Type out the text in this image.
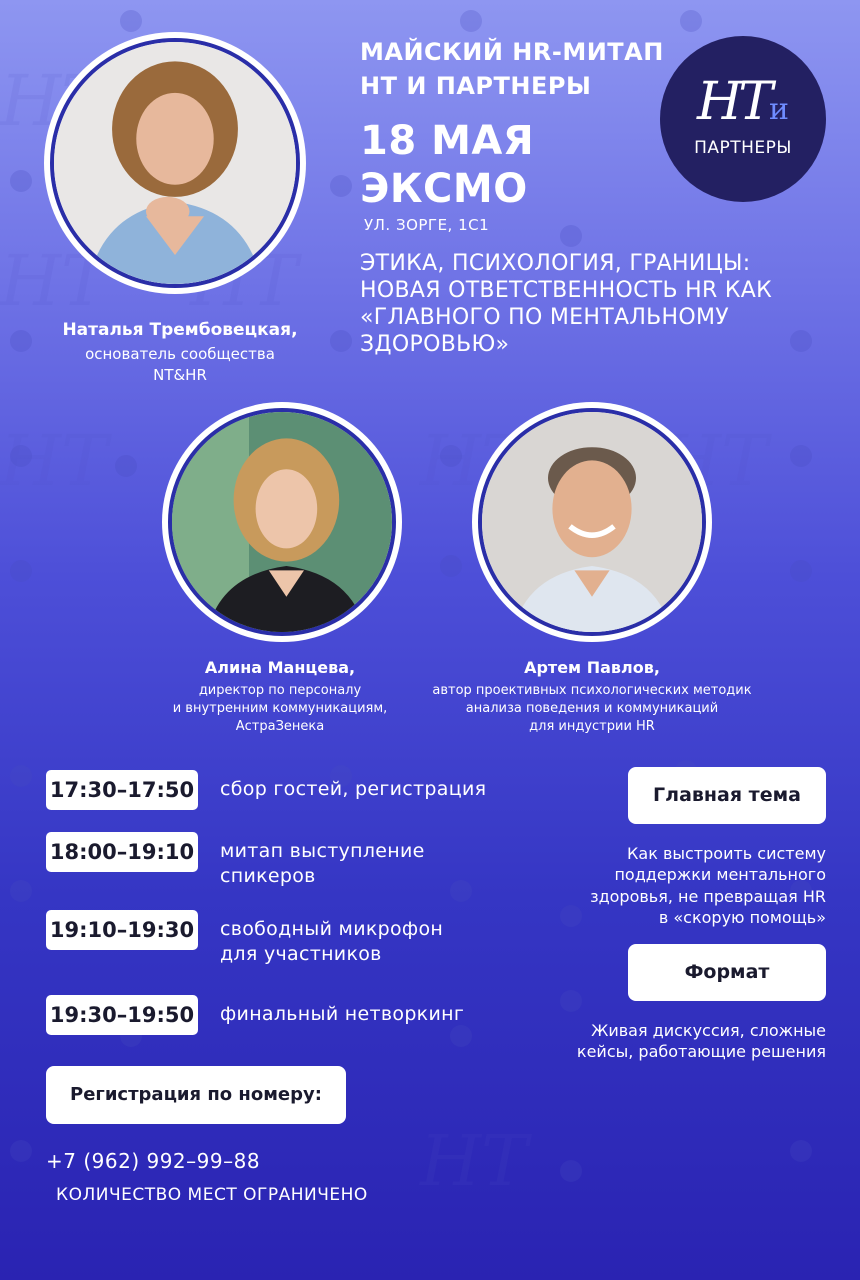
НТ
НТ
НТ
НТ НТ
НТ
НТ
Наталья Трембовецкая,
основатель сообщества
NT&HR
МАЙСКИЙ HR-МИТАП
НТ И ПАРТНЕРЫ
18 МАЯ
ЭКСМО
УЛ. ЗОРГЕ, 1С1
ЭТИКА, ПСИХОЛОГИЯ, ГРАНИЦЫ: НОВАЯ ОТВЕТСТВЕННОСТЬ HR КАК «ГЛАВНОГО ПО МЕНТАЛЬНОМУ ЗДОРОВЬЮ»
НТи
ПАРТНЕРЫ
Алина Манцева,
директор по персоналу
и внутренним коммуникациям,
АстраЗенека
Артем Павлов,
автор проективных психологических методик
анализа поведения и коммуникаций
для индустрии HR
17:30–17:50 сбор гостей, регистрация
18:00–19:10 митап выступление
спикеров
19:10–19:30 свободный микрофон
для участников
19:30–19:50 финальный нетворкинг
Главная тема
Как выстроить систему
поддержки ментального
здоровья, не превращая HR
в «скорую помощь»
Формат
Живая дискуссия, сложные
кейсы, работающие решения
Регистрация по номеру:
+7 (962) 992–99–88
КОЛИЧЕСТВО МЕСТ ОГРАНИЧЕНО
